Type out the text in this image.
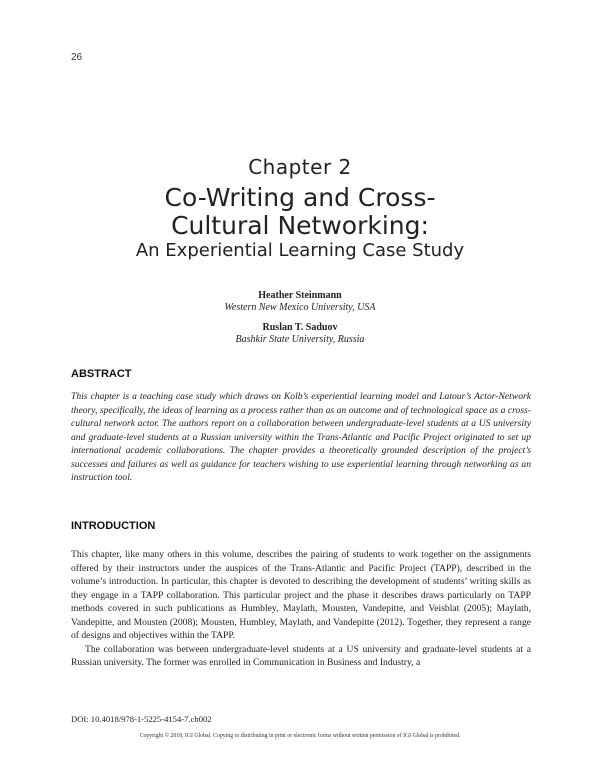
26
Chapter 2
Co-Writing and Cross-
Cultural Networking:
An Experiential Learning Case Study
Heather Steinmann
Western New Mexico University, USA
Ruslan T. Saduov
Bashkir State University, Russia
ABSTRACT
This chapter is a teaching case study which draws on Kolb’s experiential learning model and Latour’s Actor-Network theory, specifically, the ideas of learning as a process rather than as an outcome and of technological space as a cross-cultural network actor. The authors report on a collaboration between undergraduate-level students at a US university and graduate-level students at a Russian university within the Trans-Atlantic and Pacific Project originated to set up international academic collaborations. The chapter provides a theoretically grounded description of the project’s successes and failures as well as guidance for teachers wishing to use experiential learning through networking as an instruction tool.
INTRODUCTION

This chapter, like many others in this volume, describes the pairing of students to work together on the assignments offered by their instructors under the auspices of the Trans-Atlantic and Pacific Project (TAPP), described in the volume’s introduction. In particular, this chapter is devoted to describing the development of students’ writing skills as they engage in a TAPP collaboration. This particular project and the phase it describes draws particularly on TAPP methods covered in such publications as Humbley, Maylath, Mousten, Vandepitte, and Veisblat (2005); Maylath, Vandepitte, and Mousten (2008); Mousten, Humbley, Maylath, and Vandepitte (2012). Together, they represent a range of designs and objectives within the TAPP.

The collaboration was between undergraduate-level students at a US university and graduate-level students at a Russian university. The former was enrolled in Communication in Business and Industry, a

DOI: 10.4018/978-1-5225-4154-7.ch002
Copyright © 2018, IGI Global. Copying or distributing in print or electronic forms without written permission of IGI Global is prohibited.
